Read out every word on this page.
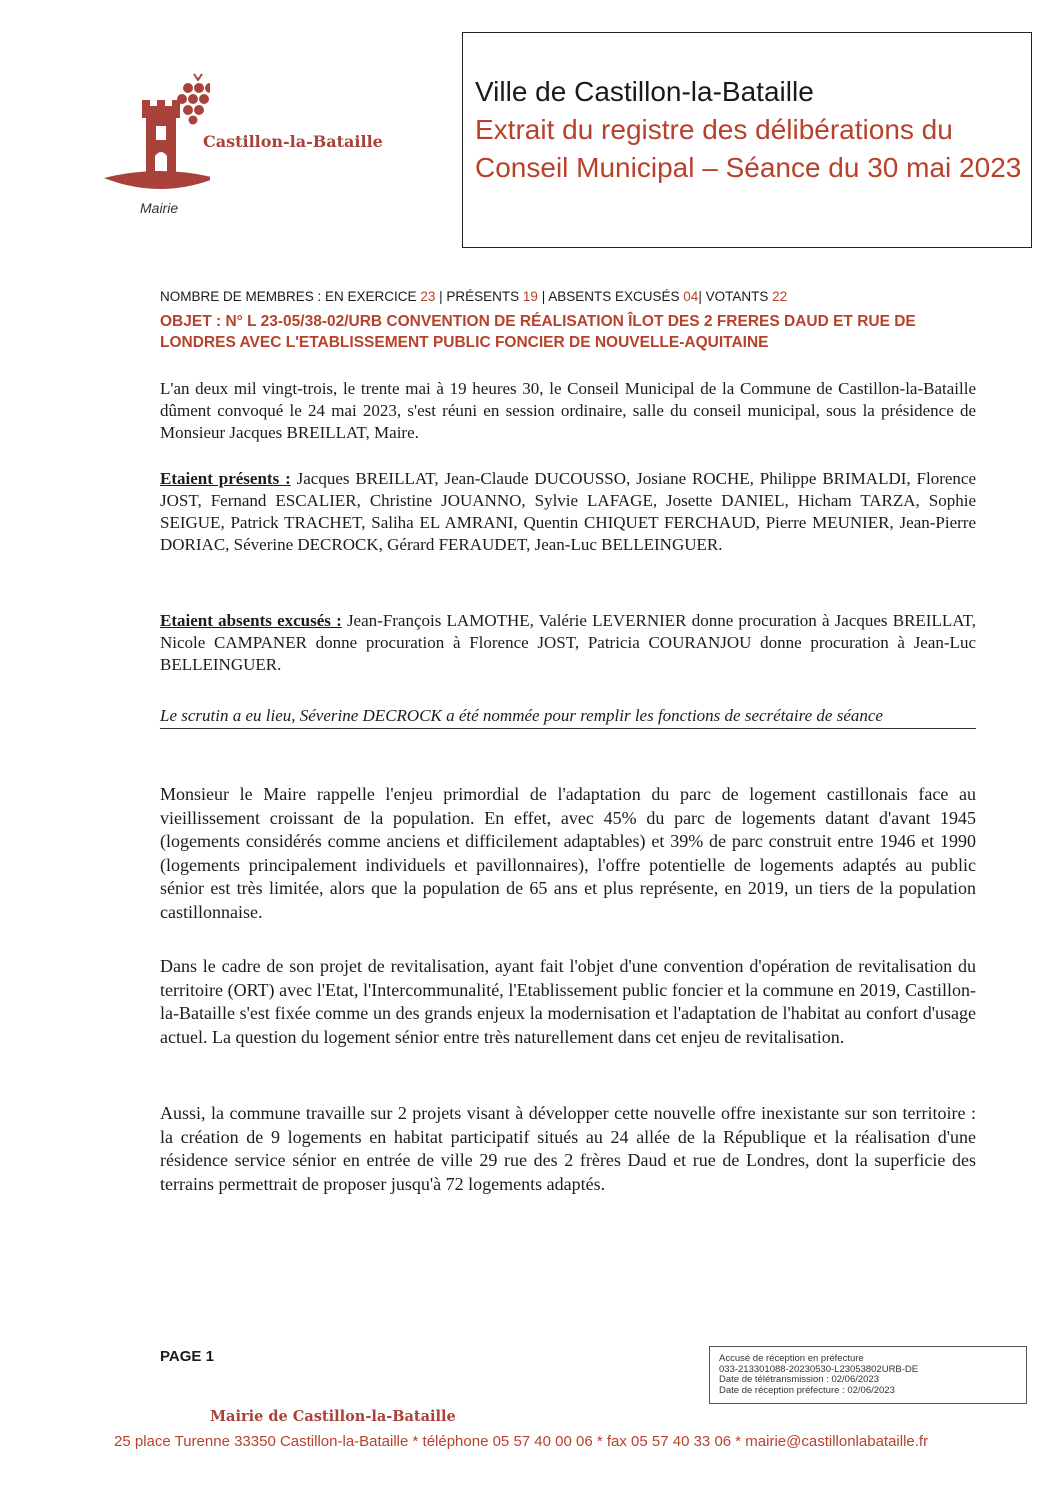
Castillon-la-Bataille
Mairie
Ville de Castillon-la-Bataille
Extrait du registre des délibérations du Conseil Municipal – Séance du 30 mai 2023
NOMBRE DE MEMBRES : EN EXERCICE 23 | PRÉSENTS 19 | ABSENTS EXCUSÉS 04| VOTANTS 22
OBJET : N° L 23-05/38-02/URB CONVENTION DE RÉALISATION ÎLOT DES 2 FRERES DAUD ET RUE DE LONDRES AVEC L'ETABLISSEMENT PUBLIC FONCIER DE NOUVELLE-AQUITAINE
L'an deux mil vingt-trois, le trente mai à 19 heures 30, le Conseil Municipal de la Commune de Castillon-la-Bataille dûment convoqué le 24 mai 2023, s'est réuni en session ordinaire, salle du conseil municipal, sous la présidence de Monsieur Jacques BREILLAT, Maire.
Etaient présents : Jacques BREILLAT, Jean-Claude DUCOUSSO, Josiane ROCHE, Philippe BRIMALDI, Florence JOST, Fernand ESCALIER, Christine JOUANNO, Sylvie LAFAGE, Josette DANIEL, Hicham TARZA, Sophie SEIGUE, Patrick TRACHET, Saliha EL AMRANI, Quentin CHIQUET FERCHAUD, Pierre MEUNIER, Jean-Pierre DORIAC, Séverine DECROCK, Gérard FERAUDET, Jean-Luc BELLEINGUER.
Etaient absents excusés : Jean-François LAMOTHE, Valérie LEVERNIER donne procuration à Jacques BREILLAT, Nicole CAMPANER donne procuration à Florence JOST, Patricia COURANJOU donne procuration à Jean-Luc BELLEINGUER.
Le scrutin a eu lieu, Séverine DECROCK a été nommée pour remplir les fonctions de secrétaire de séance
Monsieur le Maire rappelle l'enjeu primordial de l'adaptation du parc de logement castillonais face au vieillissement croissant de la population. En effet, avec 45% du parc de logements datant d'avant 1945 (logements considérés comme anciens et difficilement adaptables) et 39% de parc construit entre 1946 et 1990 (logements principalement individuels et pavillonnaires), l'offre potentielle de logements adaptés au public sénior est très limitée, alors que la population de 65 ans et plus représente, en 2019, un tiers de la population castillonnaise.
Dans le cadre de son projet de revitalisation, ayant fait l'objet d'une convention d'opération de revitalisation du territoire (ORT) avec l'Etat, l'Intercommunalité, l'Etablissement public foncier et la commune en 2019, Castillon-la-Bataille s'est fixée comme un des grands enjeux la modernisation et l'adaptation de l'habitat au confort d'usage actuel. La question du logement sénior entre très naturellement dans cet enjeu de revitalisation.
Aussi, la commune travaille sur 2 projets visant à développer cette nouvelle offre inexistante sur son territoire : la création de 9 logements en habitat participatif situés au 24 allée de la République et la réalisation d'une résidence service sénior en entrée de ville 29 rue des 2 frères Daud et rue de Londres, dont la superficie des terrains permettrait de proposer jusqu'à 72 logements adaptés.
PAGE 1	Accusé de réception en préfecture
033-213301088-20230530-L23053802URB-DE
Date de télétransmission : 02/06/2023
Date de réception préfecture : 02/06/2023
Mairie de Castillon-la-Bataille
25 place Turenne 33350 Castillon-la-Bataille * téléphone 05 57 40 00 06 * fax 05 57 40 33 06 * mairie@castillonlabataille.fr
